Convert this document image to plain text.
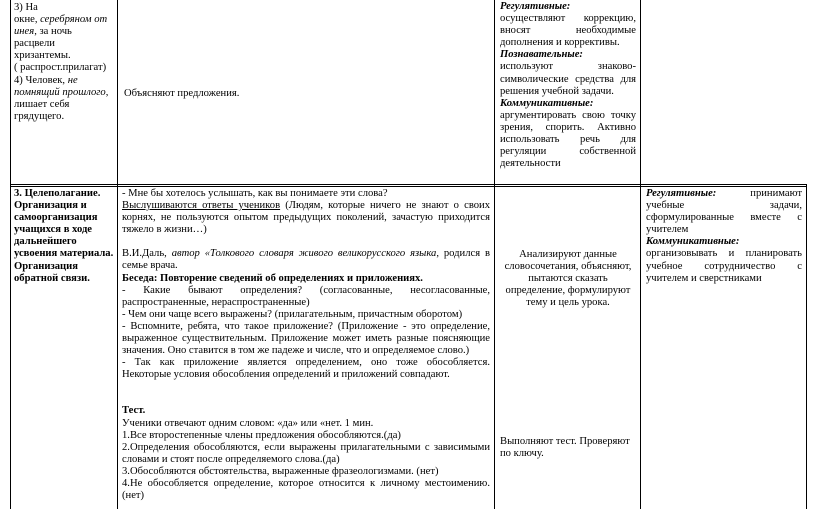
3) На

окне, серебряном от

инея, за ночь

расцвели

хризантемы.

( распрост.прилагат)

4) Человек, не

помнящий прошлого,

лишает себя

грядущего.

Объясняют предложения.

Регулятивные:

осуществляют коррекцию, вносят необходимые дополнения и коррективы.

Познавательные:

используют знаково-символические средства для решения учебной задачи.

Коммуникативные:

аргументировать свою точку зрения, спорить. Активно использовать речь для регуляции собственной деятельности

3. Целеполагание.

Организация и самоорганизация учащихся в ходе дальнейшего усвоения материала. Организация обратной связи.

- Мне бы хотелось услышать, как вы понимаете эти слова?

Выслушиваются ответы учеников (Людям, которые ничего не знают о своих корнях, не пользуются опытом предыдущих поколений, зачастую приходится тяжело в жизни…)

В.И.Даль, автор «Толкового словаря живого великорусского языка, родился в семье врача.

Беседа: Повторение сведений об определениях и приложениях.

- Какие бывают определения? (согласованные, несогласованные, распространенные, нераспространенные)

- Чем они чаще всего выражены? (прилагательным, причастным оборотом)

- Вспомните, ребята, что такое приложение? (Приложение - это определение, выраженное существительным. Приложение может иметь разные поясняющие значения. Оно ставится в том же падеже и числе, что и определяемое слово.)

- Так как приложение является определением, оно тоже обособляется. Некоторые условия обособления определений и приложений совпадают.

Тест.

Ученики отвечают одним словом: «да» или «нет. 1 мин.

1.Все второстепенные члены предложения обособляются.(да)

2.Определения обособляются, если выражены прилагательными с зависимыми словами и стоят после определяемого слова.(да)

3.Обособляются обстоятельства, выраженные фразеологизмами. (нет)

4.Не обособляется определение, которое относится к личному местоимению. (нет)

Анализируют данные словосочетания, объясняют, пытаются сказать определение, формулируют тему и цель урока.
Выполняют тест. Проверяют по ключу.

Регулятивные:	принимают учебные задачи, сформулированные вместе с учителем

Коммуникативные:

организовывать и планировать учебное сотрудничество с учителем и сверстниками
